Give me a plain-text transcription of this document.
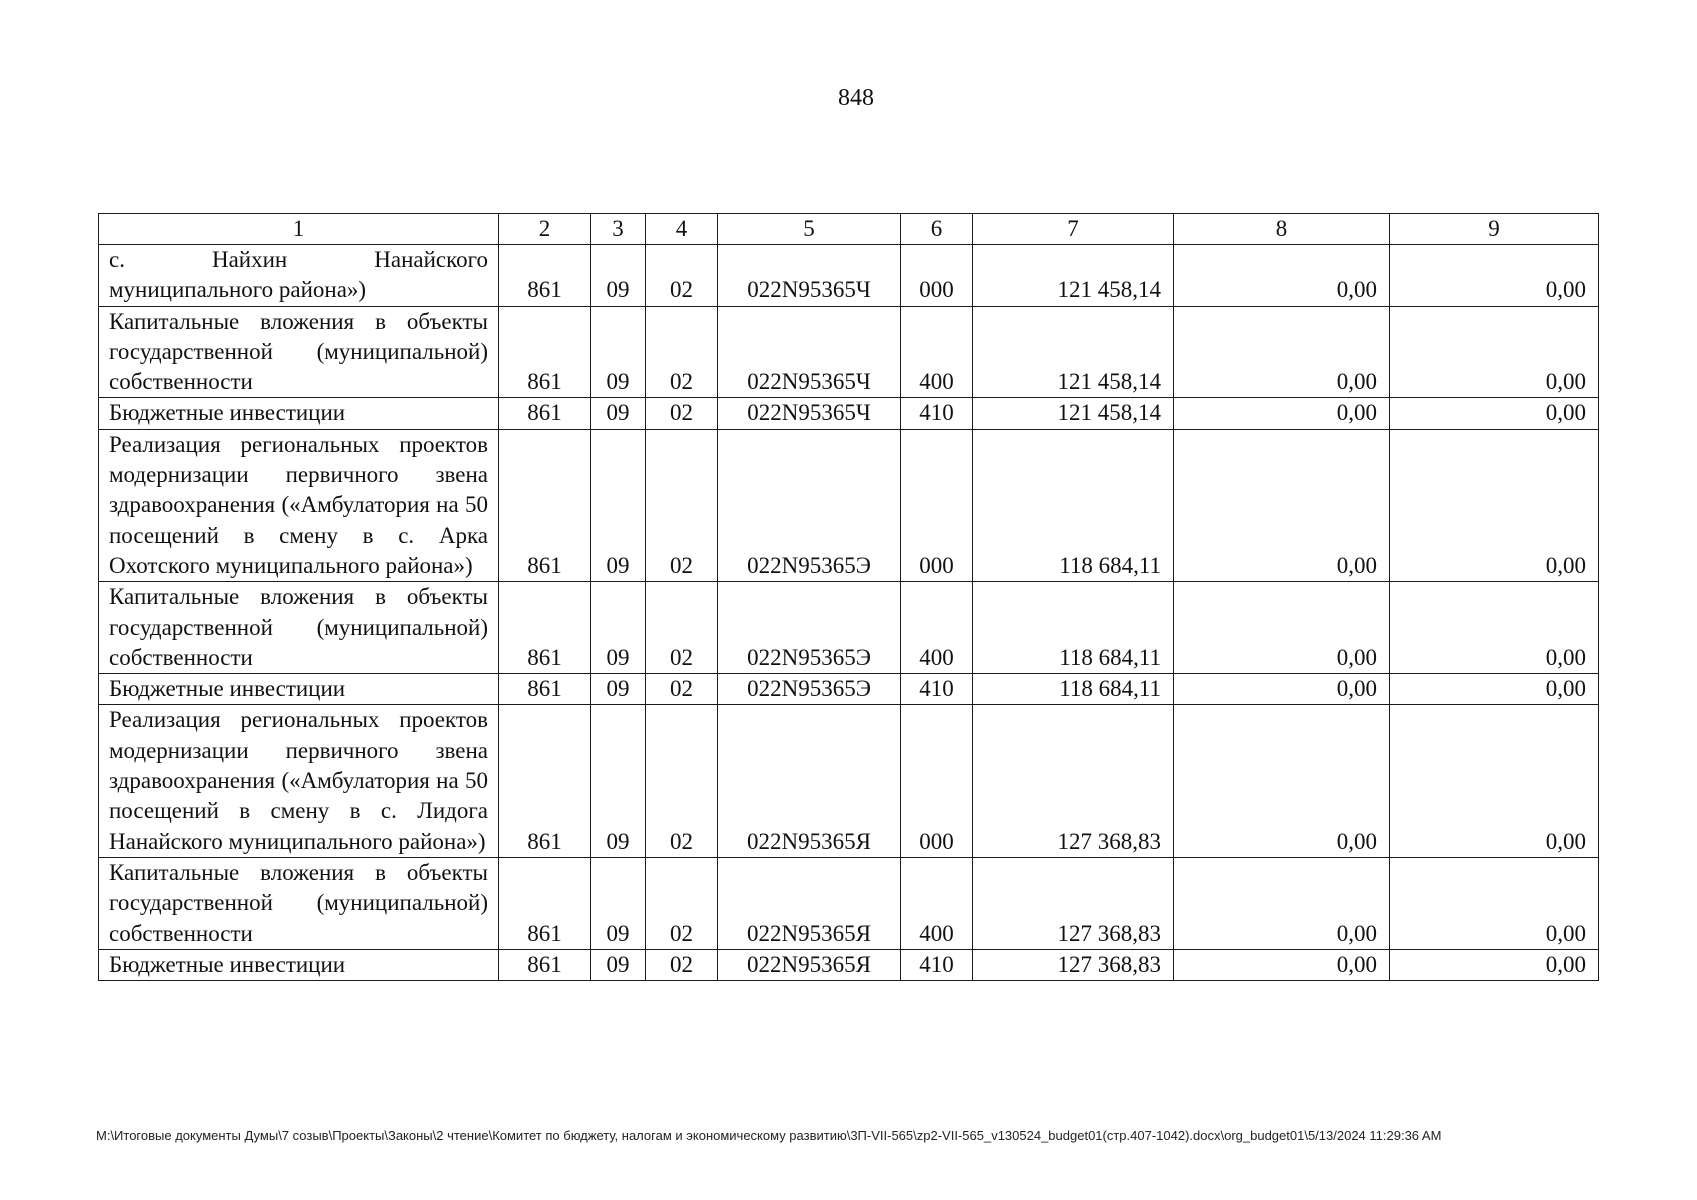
848
1	2	3	4	5	6	7	8	9
с. Найхин Нанайского муниципального района»)	861	09	02	022N95365Ч	000	121 458,14	0,00	0,00
Капитальные вложения в объекты государственной (муниципальной) собственности	861	09	02	022N95365Ч	400	121 458,14	0,00	0,00
Бюджетные инвестиции	861	09	02	022N95365Ч	410	121 458,14	0,00	0,00
Реализация региональных проектов модернизации первичного звена здравоохранения («Амбулатория на 50 посещений в смену в с. Арка Охотского муниципального района»)	861	09	02	022N95365Э	000	118 684,11	0,00	0,00
Капитальные вложения в объекты государственной (муниципальной) собственности	861	09	02	022N95365Э	400	118 684,11	0,00	0,00
Бюджетные инвестиции	861	09	02	022N95365Э	410	118 684,11	0,00	0,00
Реализация региональных проектов модернизации первичного звена здравоохранения («Амбулатория на 50 посещений в смену в с. Лидога Нанайского муниципального района»)	861	09	02	022N95365Я	000	127 368,83	0,00	0,00
Капитальные вложения в объекты государственной (муниципальной) собственности	861	09	02	022N95365Я	400	127 368,83	0,00	0,00
Бюджетные инвестиции	861	09	02	022N95365Я	410	127 368,83	0,00	0,00
M:\Итоговые документы Думы\7 созыв\Проекты\Законы\2 чтение\Комитет по бюджету, налогам и экономическому развитию\3П-VII-565\zp2-VII-565_v130524_budget01(стр.407-1042).docx\org_budget01\5/13/2024 11:29:36 AM
